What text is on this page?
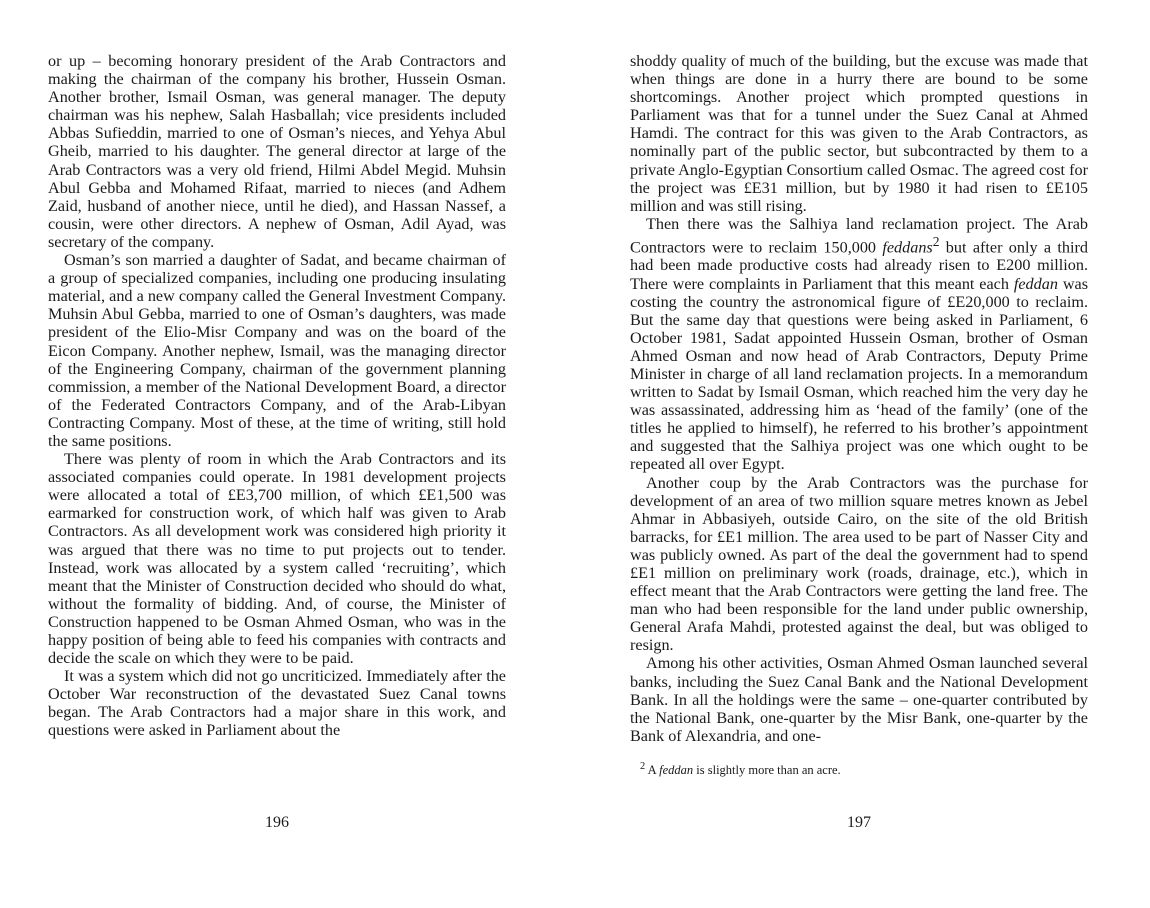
or up – becoming honorary president of the Arab Contractors and making the chairman of the company his brother, Hussein Osman. Another brother, Ismail Osman, was general manager. The deputy chairman was his nephew, Salah Hasballah; vice presidents included Abbas Sufieddin, married to one of Osman’s nieces, and Yehya Abul Gheib, married to his daughter. The general director at large of the Arab Contractors was a very old friend, Hilmi Abdel Megid. Muhsin Abul Gebba and Mohamed Rifaat, married to nieces (and Adhem Zaid, husband of another niece, until he died), and Hassan Nassef, a cousin, were other directors. A nephew of Osman, Adil Ayad, was secretary of the company.

Osman’s son married a daughter of Sadat, and became chairman of a group of specialized companies, including one producing insulating material, and a new company called the General Investment Company. Muhsin Abul Gebba, married to one of Osman’s daughters, was made president of the Elio-Misr Company and was on the board of the Eicon Company. Another nephew, Ismail, was the managing director of the Engineering Company, chairman of the government planning commission, a member of the National Development Board, a director of the Federated Contractors Company, and of the Arab-Libyan Contracting Company. Most of these, at the time of writing, still hold the same positions.

There was plenty of room in which the Arab Contractors and its associated companies could operate. In 1981 development projects were allocated a total of £E3,700 million, of which £E1,500 was earmarked for construction work, of which half was given to Arab Contractors. As all development work was considered high priority it was argued that there was no time to put projects out to tender. Instead, work was allocated by a system called ‘recruiting’, which meant that the Minister of Construction decided who should do what, without the formality of bidding. And, of course, the Minister of Construction happened to be Osman Ahmed Osman, who was in the happy position of being able to feed his companies with contracts and decide the scale on which they were to be paid.

It was a system which did not go uncriticized. Immediately after the October War reconstruction of the devastated Suez Canal towns began. The Arab Contractors had a major share in this work, and questions were asked in Parliament about the

196

shoddy quality of much of the building, but the excuse was made that when things are done in a hurry there are bound to be some shortcomings. Another project which prompted questions in Parliament was that for a tunnel under the Suez Canal at Ahmed Hamdi. The contract for this was given to the Arab Contractors, as nominally part of the public sector, but subcontracted by them to a private Anglo-Egyptian Consortium called Osmac. The agreed cost for the project was £E31 million, but by 1980 it had risen to £E105 million and was still rising.

Then there was the Salhiya land reclamation project. The Arab Contractors were to reclaim 150,000 feddans$^2$ but after only a third had been made productive costs had already risen to E200 million. There were complaints in Parliament that this meant each feddan was costing the country the astronomical figure of £E20,000 to reclaim. But the same day that questions were being asked in Parliament, 6 October 1981, Sadat appointed Hussein Osman, brother of Osman Ahmed Osman and now head of Arab Contractors, Deputy Prime Minister in charge of all land reclamation projects. In a memorandum written to Sadat by Ismail Osman, which reached him the very day he was assassinated, addressing him as ‘head of the family’ (one of the titles he applied to himself), he referred to his brother’s appointment and suggested that the Salhiya project was one which ought to be repeated all over Egypt.

Another coup by the Arab Contractors was the purchase for development of an area of two million square metres known as Jebel Ahmar in Abbasiyeh, outside Cairo, on the site of the old British barracks, for £E1 million. The area used to be part of Nasser City and was publicly owned. As part of the deal the government had to spend £E1 million on preliminary work (roads, drainage, etc.), which in effect meant that the Arab Contractors were getting the land free. The man who had been responsible for the land under public ownership, General Arafa Mahdi, protested against the deal, but was obliged to resign.

Among his other activities, Osman Ahmed Osman launched several banks, including the Suez Canal Bank and the National Development Bank. In all the holdings were the same – one-quarter contributed by the National Bank, one-quarter by the Misr Bank, one-quarter by the Bank of Alexandria, and one-

$^2$ A feddan is slightly more than an acre.
197
